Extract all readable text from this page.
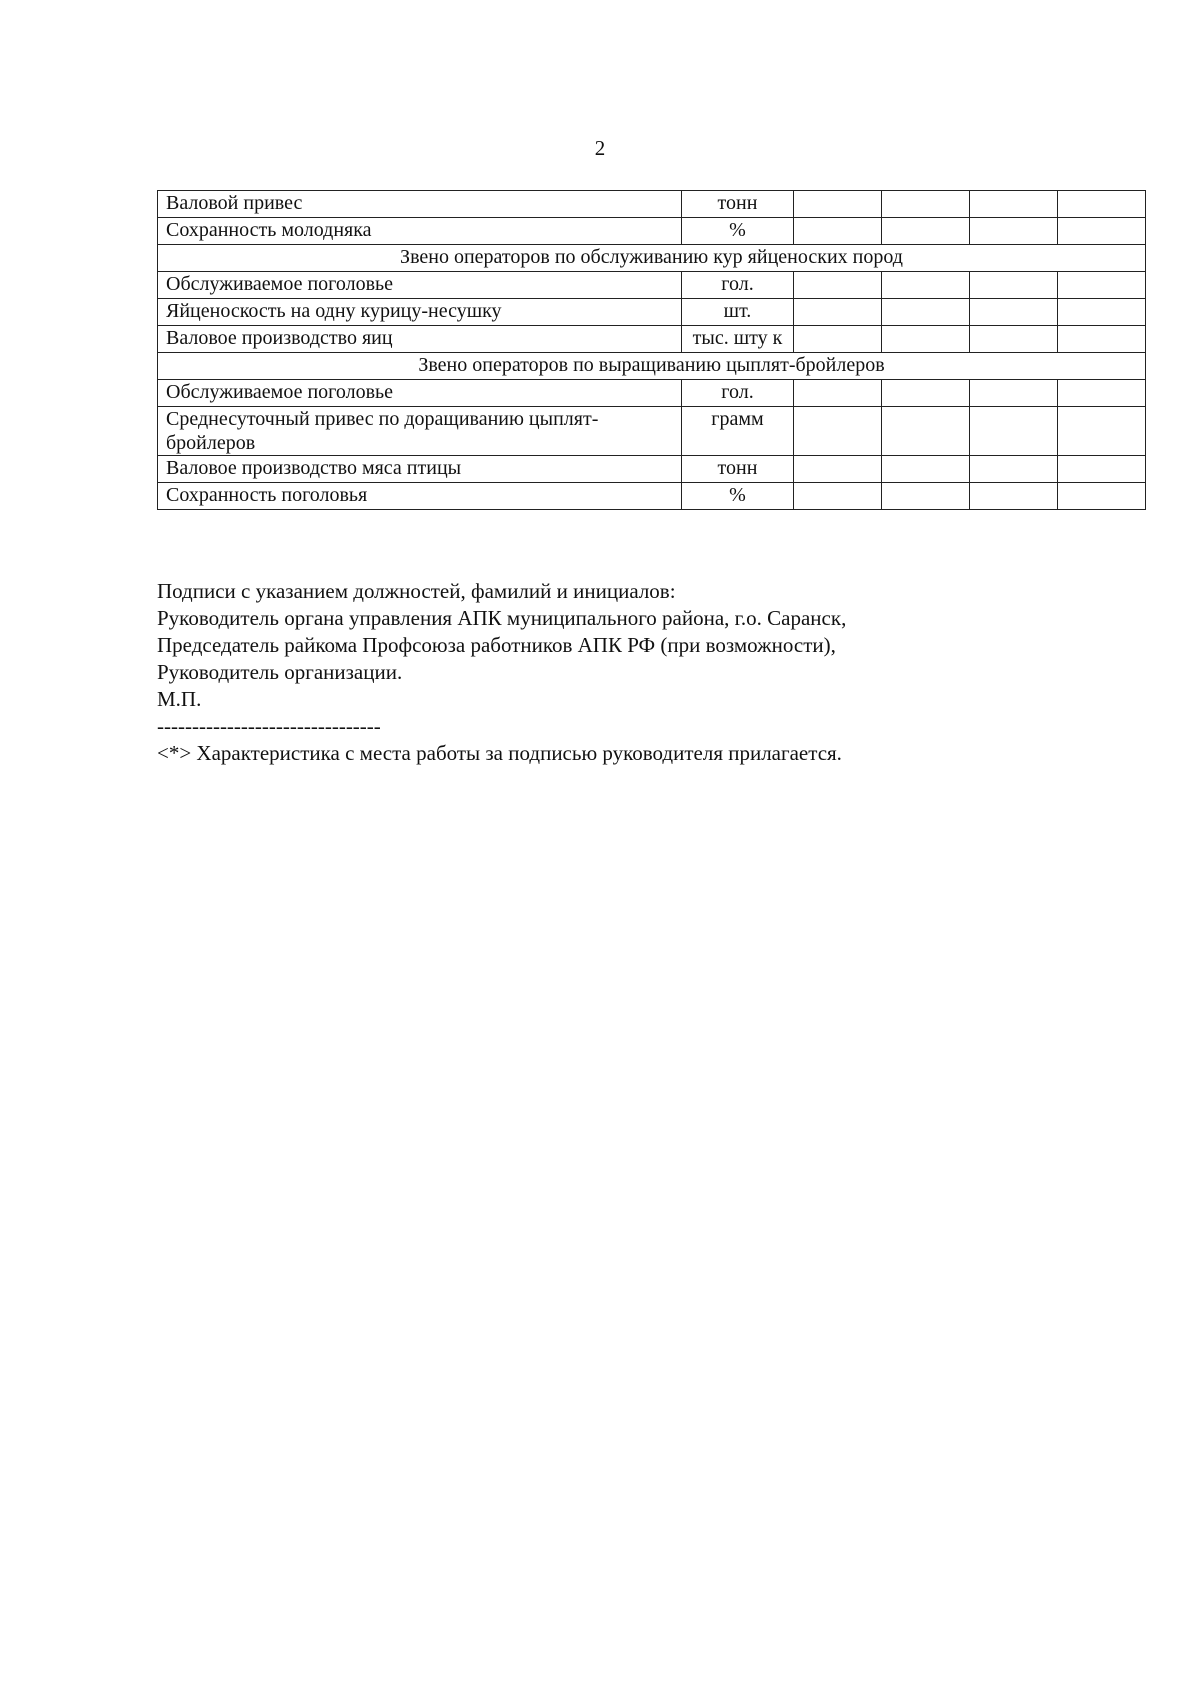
2
Валовой привес	тонн				
Сохранность молодняка	%				
Звено операторов по обслуживанию кур яйценоских пород					
Обслуживаемое поголовье	гол.				
Яйценоскость на одну курицу-несушку	шт.				
Валовое производство яиц	тыс. шту к				
Звено операторов по выращиванию цыплят-бройлеров					
Обслуживаемое поголовье	гол.				
Среднесуточный привес по доращиванию цыплят-бройлеров	грамм				
Валовое производство мяса птицы	тонн				
Сохранность поголовья	%				

Подписи с указанием должностей, фамилий и инициалов:

Руководитель органа управления АПК муниципального района, г.о. Саранск,

Председатель райкома Профсоюза работников АПК РФ (при возможности),

Руководитель организации.

М.П.

--------------------------------

<*> Характеристика с места работы за подписью руководителя прилагается.
